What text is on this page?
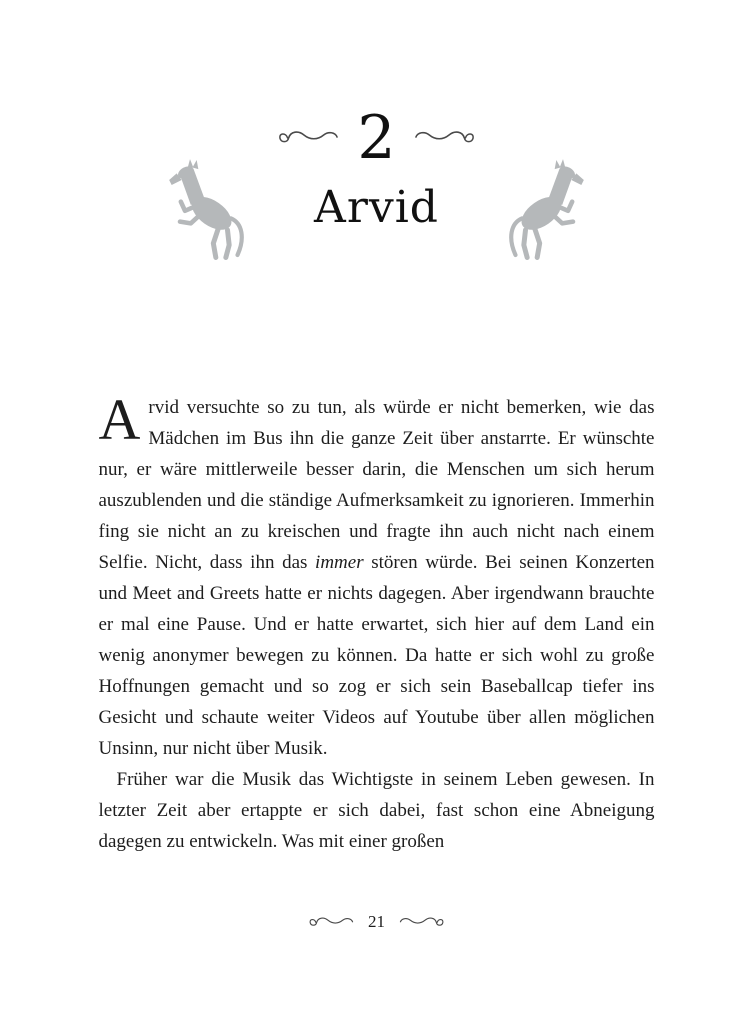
2
Arvid

Arvid versuchte so zu tun, als würde er nicht bemerken, wie das Mädchen im Bus ihn die ganze Zeit über anstarrte. Er wünschte nur, er wäre mittlerweile besser darin, die Menschen um sich herum auszublenden und die ständige Aufmerksamkeit zu ignorieren. Immerhin fing sie nicht an zu kreischen und fragte ihn auch nicht nach einem Selfie. Nicht, dass ihn das immer stören würde. Bei seinen Konzerten und Meet and Greets hatte er nichts dagegen. Aber irgendwann brauchte er mal eine Pause. Und er hatte erwartet, sich hier auf dem Land ein wenig anonymer bewegen zu können. Da hatte er sich wohl zu große Hoffnungen gemacht und so zog er sich sein Baseballcap tiefer ins Gesicht und schaute weiter Videos auf Youtube über allen möglichen Unsinn, nur nicht über Musik.

Früher war die Musik das Wichtigste in seinem Leben gewesen. In letzter Zeit aber ertappte er sich dabei, fast schon eine Abneigung dagegen zu entwickeln. Was mit einer großen

21
